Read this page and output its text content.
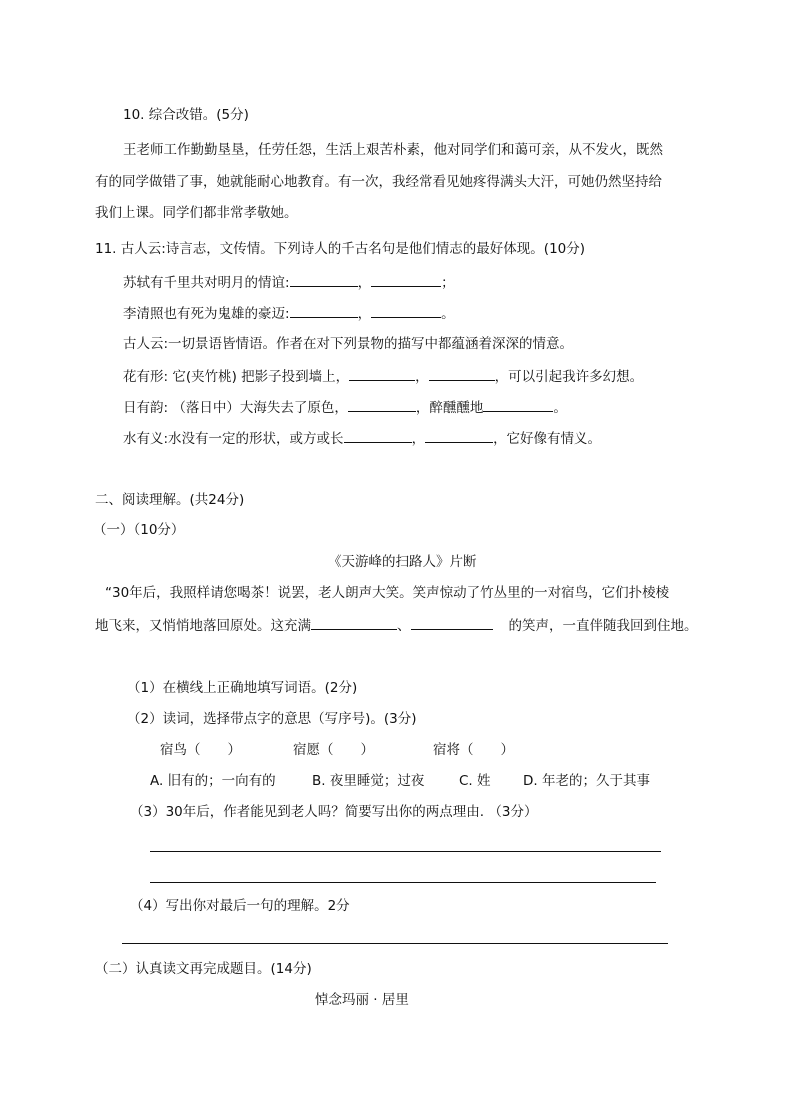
10. 综合改错。(5分)
王老师工作勤勤垦垦，任劳任怨，生活上艰苦朴素，他对同学们和蔼可亲，从不发火，既然
有的同学做错了事，她就能耐心地教育。有一次，我经常看见她疼得满头大汗，可她仍然坚持给
我们上课。同学们都非常孝敬她。
11. 古人云:诗言志，文传情。下列诗人的千古名句是他们情志的最好体现。(10分)
苏轼有千里共对明月的情谊:	，	；
李清照也有死为鬼雄的豪迈:	，	。
古人云:一切景语皆情语。作者在对下列景物的描写中都蕴涵着深深的情意。
花有形: 它(夹竹桃) 把影子投到墙上，	，	，可以引起我许多幻想。
日有韵: （落日中）大海失去了原色，	，醉醺醺地	。
水有义:水没有一定的形状，或方或长	，	，它好像有情义。
二、阅读理解。(共24分)
（一）（10分）
《天游峰的扫路人》片断
“30年后，我照样请您喝茶！说罢，老人朗声大笑。笑声惊动了竹丛里的一对宿鸟，它们扑棱棱
地飞来，又悄悄地落回原处。这充满	、	的笑声，一直伴随我回到住地。
（1）在横线上正确地填写词语。(2分)
（2）读词，选择带点字的意思（写序号)。(3分)
宿鸟（　　）	宿愿（　　）	宿将（　　）
A. 旧有的；一向有的	B. 夜里睡觉；过夜	C. 姓 D. 年老的；久于其事
（3）30年后，作者能见到老人吗？简要写出你的两点理由. （3分）
（4）写出你对最后一句的理解。2分
（二）认真读文再完成题目。(14分)
悼念玛丽 · 居里
